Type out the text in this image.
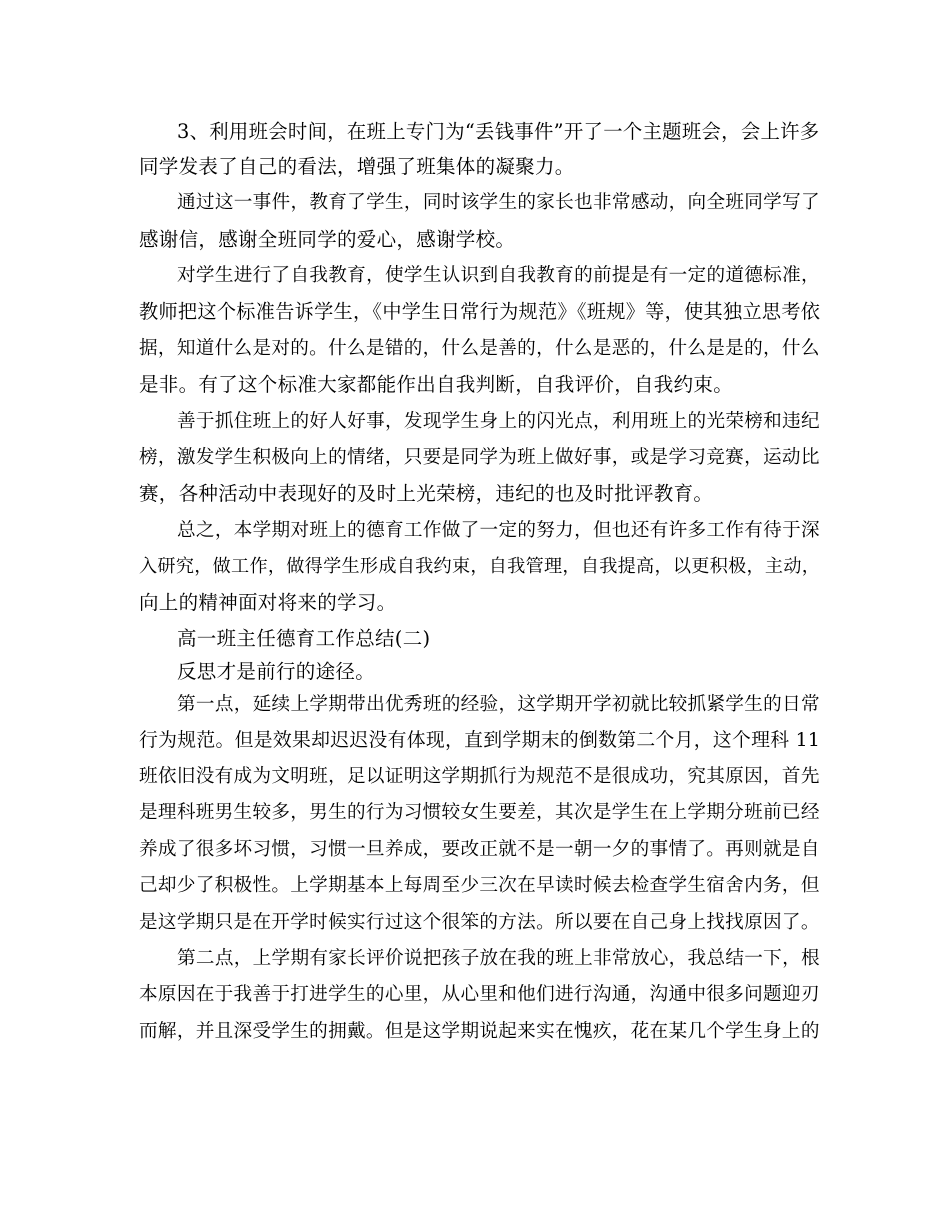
3、利用班会时间，在班上专门为“丢钱事件”开了一个主题班会，会上许多

同学发表了自己的看法，增强了班集体的凝聚力。

通过这一事件，教育了学生，同时该学生的家长也非常感动，向全班同学写了

感谢信，感谢全班同学的爱心，感谢学校。

对学生进行了自我教育，使学生认识到自我教育的前提是有一定的道德标准，

教师把这个标准告诉学生，《中学生日常行为规范》《班规》等，使其独立思考依

据，知道什么是对的。什么是错的，什么是善的，什么是恶的，什么是是的，什么

是非。有了这个标准大家都能作出自我判断，自我评价，自我约束。

善于抓住班上的好人好事，发现学生身上的闪光点，利用班上的光荣榜和违纪

榜，激发学生积极向上的情绪，只要是同学为班上做好事，或是学习竞赛，运动比

赛，各种活动中表现好的及时上光荣榜，违纪的也及时批评教育。

总之，本学期对班上的德育工作做了一定的努力，但也还有许多工作有待于深

入研究，做工作，做得学生形成自我约束，自我管理，自我提高，以更积极，主动，

向上的精神面对将来的学习。

高一班主任德育工作总结(二)

反思才是前行的途径。

第一点，延续上学期带出优秀班的经验，这学期开学初就比较抓紧学生的日常

行为规范。但是效果却迟迟没有体现，直到学期末的倒数第二个月，这个理科 11

班依旧没有成为文明班，足以证明这学期抓行为规范不是很成功，究其原因，首先

是理科班男生较多，男生的行为习惯较女生要差，其次是学生在上学期分班前已经

养成了很多坏习惯，习惯一旦养成，要改正就不是一朝一夕的事情了。再则就是自

己却少了积极性。上学期基本上每周至少三次在早读时候去检查学生宿舍内务，但

是这学期只是在开学时候实行过这个很笨的方法。所以要在自己身上找找原因了。

第二点，上学期有家长评价说把孩子放在我的班上非常放心，我总结一下，根

本原因在于我善于打进学生的心里，从心里和他们进行沟通，沟通中很多问题迎刃

而解，并且深受学生的拥戴。但是这学期说起来实在愧疚，花在某几个学生身上的
